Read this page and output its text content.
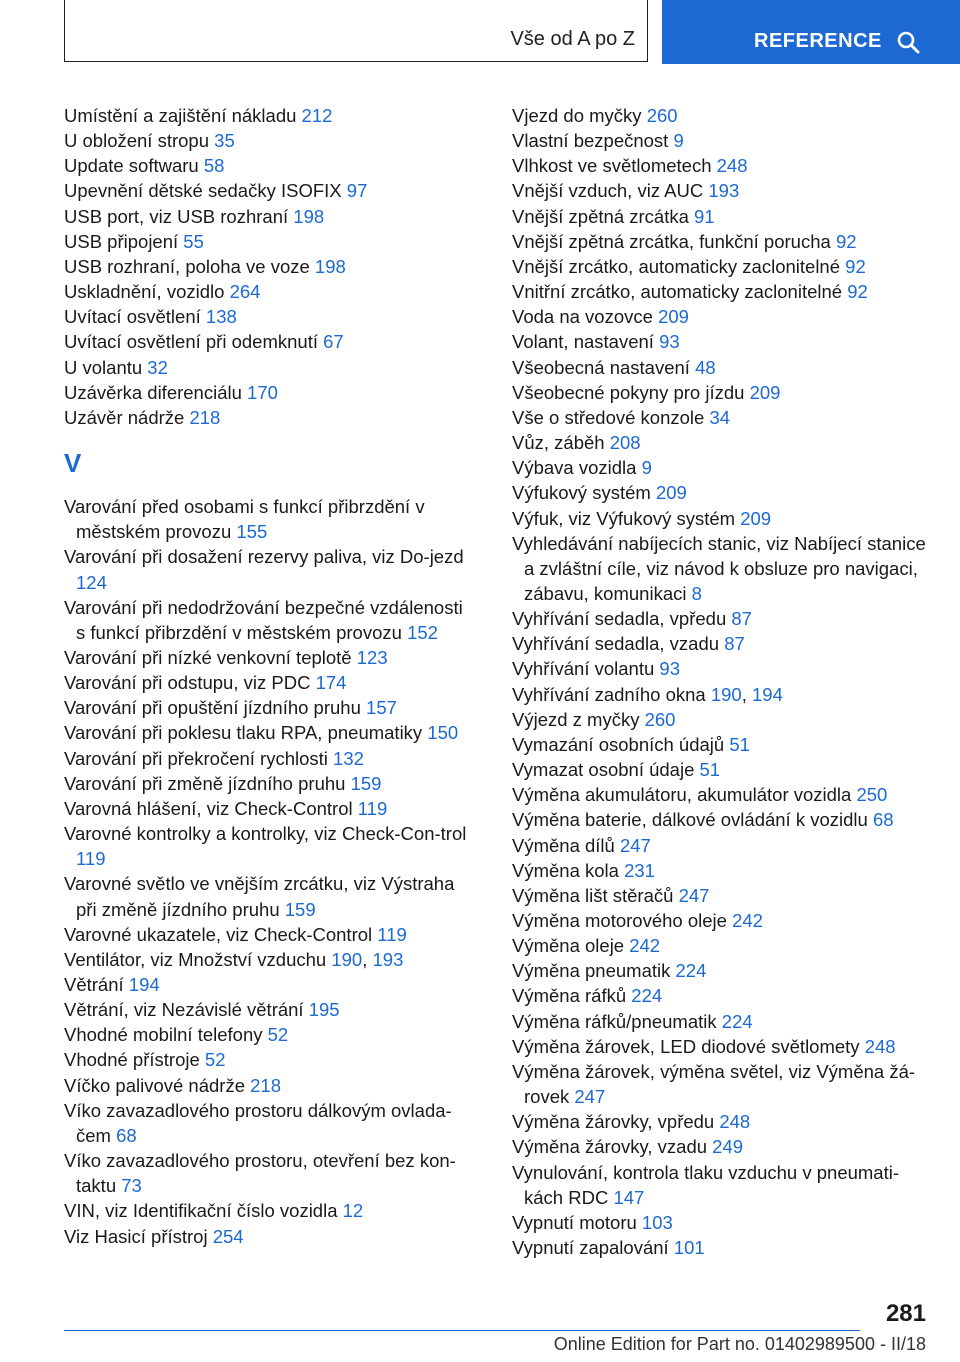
Vše od A po Z	REFERENCE
Umístění a zajištění nákladu 212
U obložení stropu 35
Update softwaru 58
Upevnění dětské sedačky ISOFIX 97
USB port, viz USB rozhraní 198
USB připojení 55
USB rozhraní, poloha ve voze 198
Uskladnění, vozidlo 264
Uvítací osvětlení 138
Uvítací osvětlení při odemknutí 67
U volantu 32
Uzávěrka diferenciálu 170
Uzávěr nádrže 218
V
Varování před osobami s funkcí přibrzdění v městském provozu 155
Varování při dosažení rezervy paliva, viz Do‐jezd 124
Varování při nedodržování bezpečné vzdálenosti s funkcí přibrzdění v městském provozu 152
Varování při nízké venkovní teplotě 123
Varování při odstupu, viz PDC 174
Varování při opuštění jízdního pruhu 157
Varování při poklesu tlaku RPA, pneumatiky 150
Varování při překročení rychlosti 132
Varování při změně jízdního pruhu 159
Varovná hlášení, viz Check-Control 119
Varovné kontrolky a kontrolky, viz Check-Con‐trol 119
Varovné světlo ve vnějším zrcátku, viz Výstraha při změně jízdního pruhu 159
Varovné ukazatele, viz Check-Control 119
Ventilátor, viz Množství vzduchu 190, 193
Větrání 194
Větrání, viz Nezávislé větrání 195
Vhodné mobilní telefony 52
Vhodné přístroje 52
Víčko palivové nádrže 218
Víko zavazadlového prostoru dálkovým ovlada‐čem 68
Víko zavazadlového prostoru, otevření bez kon‐taktu 73
VIN, viz Identifikační číslo vozidla 12
Viz Hasicí přístroj 254
Vjezd do myčky 260
Vlastní bezpečnost 9
Vlhkost ve světlometech 248
Vnější vzduch, viz AUC 193
Vnější zpětná zrcátka 91
Vnější zpětná zrcátka, funkční porucha 92
Vnější zrcátko, automaticky zaclonitelné 92
Vnitřní zrcátko, automaticky zaclonitelné 92
Voda na vozovce 209
Volant, nastavení 93
Všeobecná nastavení 48
Všeobecné pokyny pro jízdu 209
Vše o středové konzole 34
Vůz, záběh 208
Výbava vozidla 9
Výfukový systém 209
Výfuk, viz Výfukový systém 209
Vyhledávání nabíjecích stanic, viz Nabíjecí stanice a zvláštní cíle, viz návod k obsluze pro navigaci, zábavu, komunikaci 8
Vyhřívání sedadla, vpředu 87
Vyhřívání sedadla, vzadu 87
Vyhřívání volantu 93
Vyhřívání zadního okna 190, 194
Výjezd z myčky 260
Vymazání osobních údajů 51
Vymazat osobní údaje 51
Výměna akumulátoru, akumulátor vozidla 250
Výměna baterie, dálkové ovládání k vozidlu 68
Výměna dílů 247
Výměna kola 231
Výměna lišt stěračů 247
Výměna motorového oleje 242
Výměna oleje 242
Výměna pneumatik 224
Výměna ráfků 224
Výměna ráfků/pneumatik 224
Výměna žárovek, LED diodové světlomety 248
Výměna žárovek, výměna světel, viz Výměna žá‐rovek 247
Výměna žárovky, vpředu 248
Výměna žárovky, vzadu 249
Vynulování, kontrola tlaku vzduchu v pneumati‐kách RDC 147
Vypnutí motoru 103
Vypnutí zapalování 101
281
Online Edition for Part no. 01402989500 - II/18
